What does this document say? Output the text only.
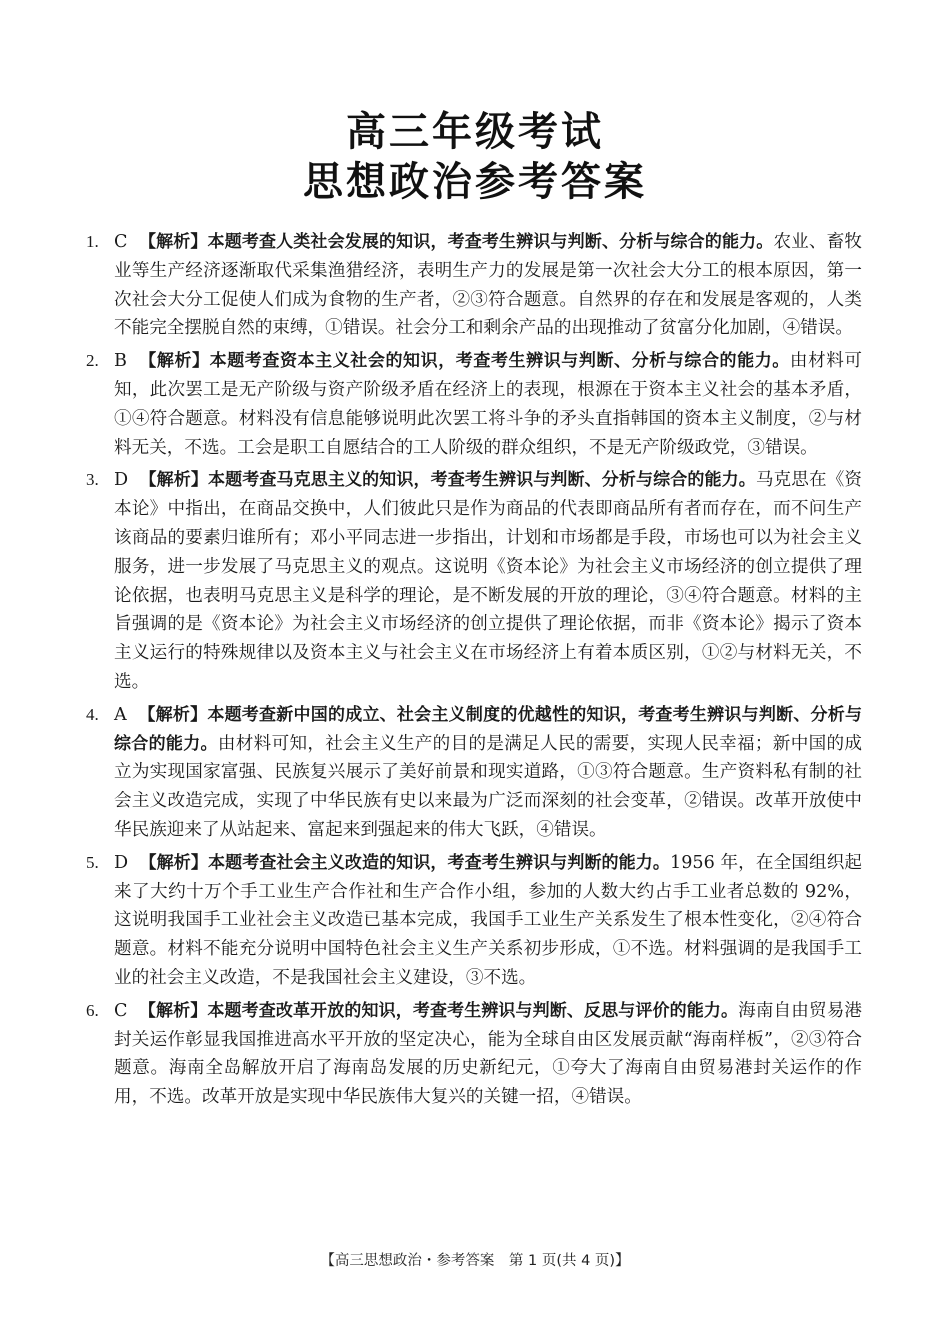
高三年级考试
思想政治参考答案
1. C 【解析】本题考查人类社会发展的知识，考查考生辨识与判断、分析与综合的能力。农业、畜牧业等生产经济逐渐取代采集渔猎经济，表明生产力的发展是第一次社会大分工的根本原因，第一次社会大分工促使人们成为食物的生产者，②③符合题意。自然界的存在和发展是客观的，人类不能完全摆脱自然的束缚，①错误。社会分工和剩余产品的出现推动了贫富分化加剧，④错误。
2. B 【解析】本题考查资本主义社会的知识，考查考生辨识与判断、分析与综合的能力。由材料可知，此次罢工是无产阶级与资产阶级矛盾在经济上的表现，根源在于资本主义社会的基本矛盾，①④符合题意。材料没有信息能够说明此次罢工将斗争的矛头直指韩国的资本主义制度，②与材料无关，不选。工会是职工自愿结合的工人阶级的群众组织，不是无产阶级政党，③错误。
3. D 【解析】本题考查马克思主义的知识，考查考生辨识与判断、分析与综合的能力。马克思在《资本论》中指出，在商品交换中，人们彼此只是作为商品的代表即商品所有者而存在，而不问生产该商品的要素归谁所有；邓小平同志进一步指出，计划和市场都是手段，市场也可以为社会主义服务，进一步发展了马克思主义的观点。这说明《资本论》为社会主义市场经济的创立提供了理论依据，也表明马克思主义是科学的理论，是不断发展的开放的理论，③④符合题意。材料的主旨强调的是《资本论》为社会主义市场经济的创立提供了理论依据，而非《资本论》揭示了资本主义运行的特殊规律以及资本主义与社会主义在市场经济上有着本质区别，①②与材料无关，不选。
4. A 【解析】本题考查新中国的成立、社会主义制度的优越性的知识，考查考生辨识与判断、分析与综合的能力。由材料可知，社会主义生产的目的是满足人民的需要，实现人民幸福；新中国的成立为实现国家富强、民族复兴展示了美好前景和现实道路，①③符合题意。生产资料私有制的社会主义改造完成，实现了中华民族有史以来最为广泛而深刻的社会变革，②错误。改革开放使中华民族迎来了从站起来、富起来到强起来的伟大飞跃，④错误。
5. D 【解析】本题考查社会主义改造的知识，考查考生辨识与判断的能力。1956 年，在全国组织起来了大约十万个手工业生产合作社和生产合作小组，参加的人数大约占手工业者总数的 92%，这说明我国手工业社会主义改造已基本完成，我国手工业生产关系发生了根本性变化，②④符合题意。材料不能充分说明中国特色社会主义生产关系初步形成，①不选。材料强调的是我国手工业的社会主义改造，不是我国社会主义建设，③不选。
6. C 【解析】本题考查改革开放的知识，考查考生辨识与判断、反思与评价的能力。海南自由贸易港封关运作彰显我国推进高水平开放的坚定决心，能为全球自由区发展贡献“海南样板”，②③符合题意。海南全岛解放开启了海南岛发展的历史新纪元，①夸大了海南自由贸易港封关运作的作用，不选。改革开放是实现中华民族伟大复兴的关键一招，④错误。
【高三思想政治・参考答案　第 1 页(共 4 页)】
